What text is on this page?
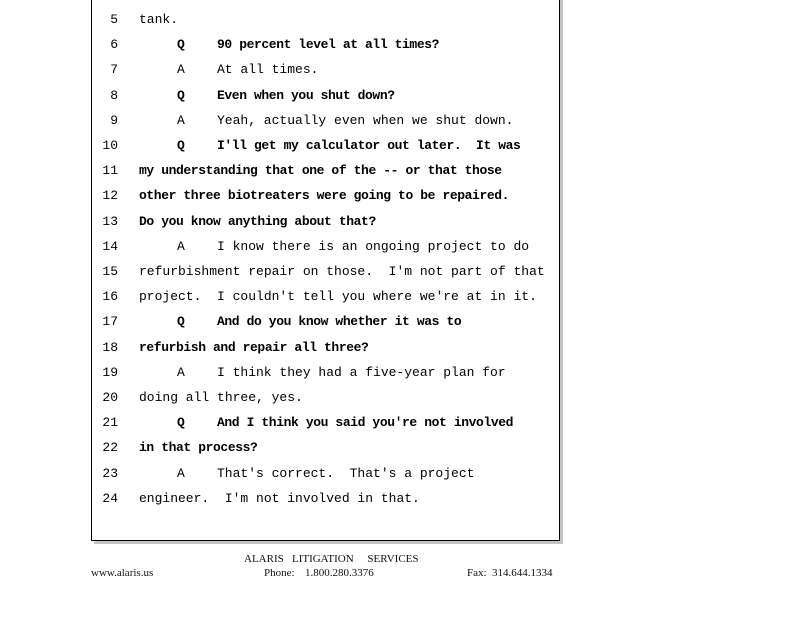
5 tank.
6	Q	90 percent level at all times?
7	A At all times.
8	Q	Even when you shut down?
9	A Yeah, actually even when we shut down.
10	Q	I'll get my calculator out later.  It was
11 my understanding that one of the -- or that those
12 other three biotreaters were going to be repaired.
13 Do you know anything about that?
14	A I know there is an ongoing project to do
15 refurbishment repair on those.  I'm not part of that
16 project.  I couldn't tell you where we're at in it.
17	Q	And do you know whether it was to
18 refurbish and repair all three?
19	A I think they had a five-year plan for
20 doing all three, yes.
21	Q	And I think you said you're not involved
22 in that process?
23	A That's correct.  That's a project
24 engineer.  I'm not involved in that.
ALARIS   LITIGATION     SERVICES
www.alaris.us	Phone: 1.800.280.3376	Fax: 314.644.1334
